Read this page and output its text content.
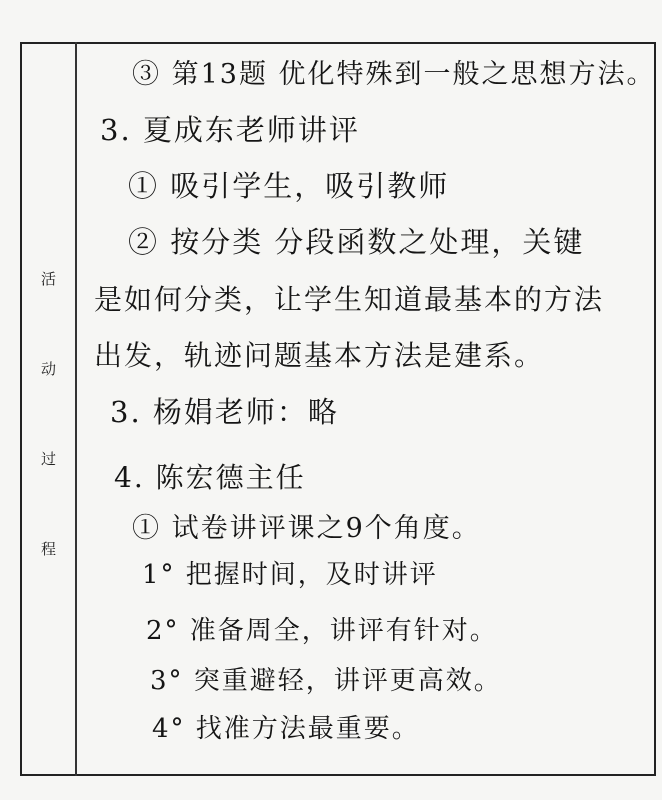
活
动
过
程
③ 第13题 优化特殊到一般之思想方法。
3. 夏成东老师讲评
① 吸引学生，吸引教师
② 按分类 分段函数之处理，关键
是如何分类，让学生知道最基本的方法
出发，轨迹问题基本方法是建系。
3. 杨娟老师：略
4. 陈宏德主任
① 试卷讲评课之9个角度。
1° 把握时间，及时讲评
2° 准备周全，讲评有针对。
3° 突重避轻，讲评更高效。
4° 找准方法最重要。
